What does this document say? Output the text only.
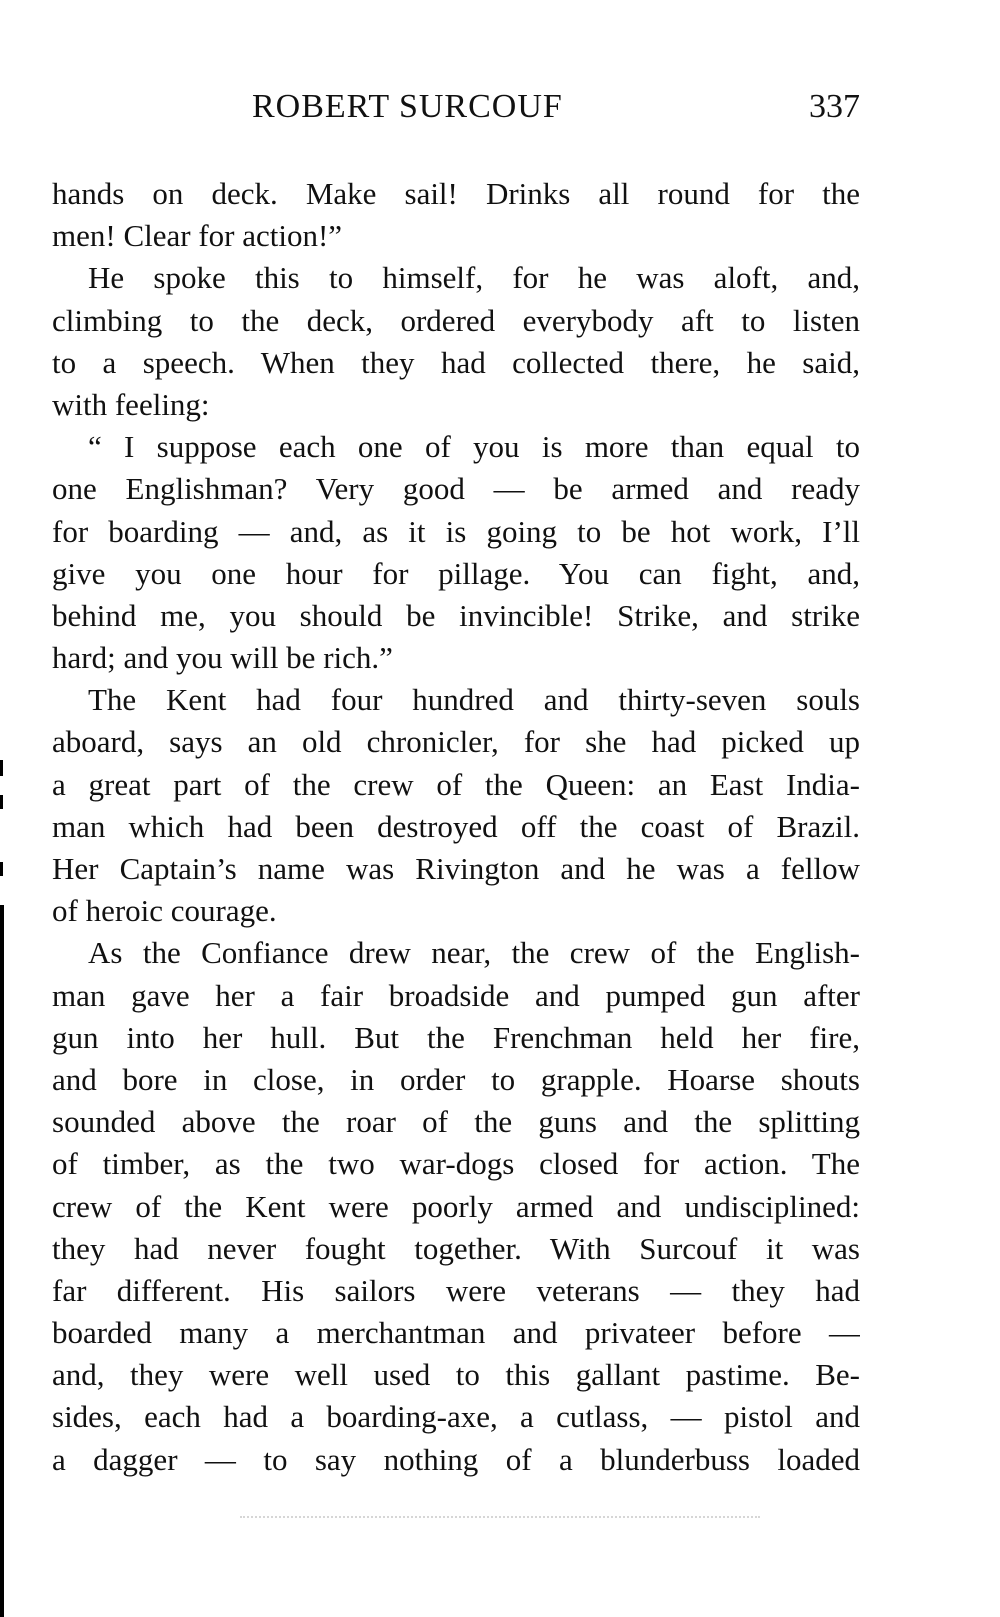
ROBERT SURCOUF	337
hands on deck. Make sail! Drinks all round for the
men! Clear for action!”
He spoke this to himself, for he was aloft, and,
climbing to the deck, ordered everybody aft to listen
to a speech. When they had collected there, he said,
with feeling:
“ I suppose each one of you is more than equal to
one Englishman? Very good — be armed and ready
for boarding — and, as it is going to be hot work, I’ll
give you one hour for pillage. You can fight, and,
behind me, you should be invincible! Strike, and strike
hard; and you will be rich.”
The Kent had four hundred and thirty-seven souls
aboard, says an old chronicler, for she had picked up
a great part of the crew of the Queen: an East India-
man which had been destroyed off the coast of Brazil.
Her Captain’s name was Rivington and he was a fellow
of heroic courage.
As the Confiance drew near, the crew of the English-
man gave her a fair broadside and pumped gun after
gun into her hull. But the Frenchman held her fire,
and bore in close, in order to grapple. Hoarse shouts
sounded above the roar of the guns and the splitting
of timber, as the two war-dogs closed for action. The
crew of the Kent were poorly armed and undisciplined:
they had never fought together. With Surcouf it was
far different. His sailors were veterans — they had
boarded many a merchantman and privateer before —
and, they were well used to this gallant pastime. Be-
sides, each had a boarding-axe, a cutlass, — pistol and
a dagger — to say nothing of a blunderbuss loaded
